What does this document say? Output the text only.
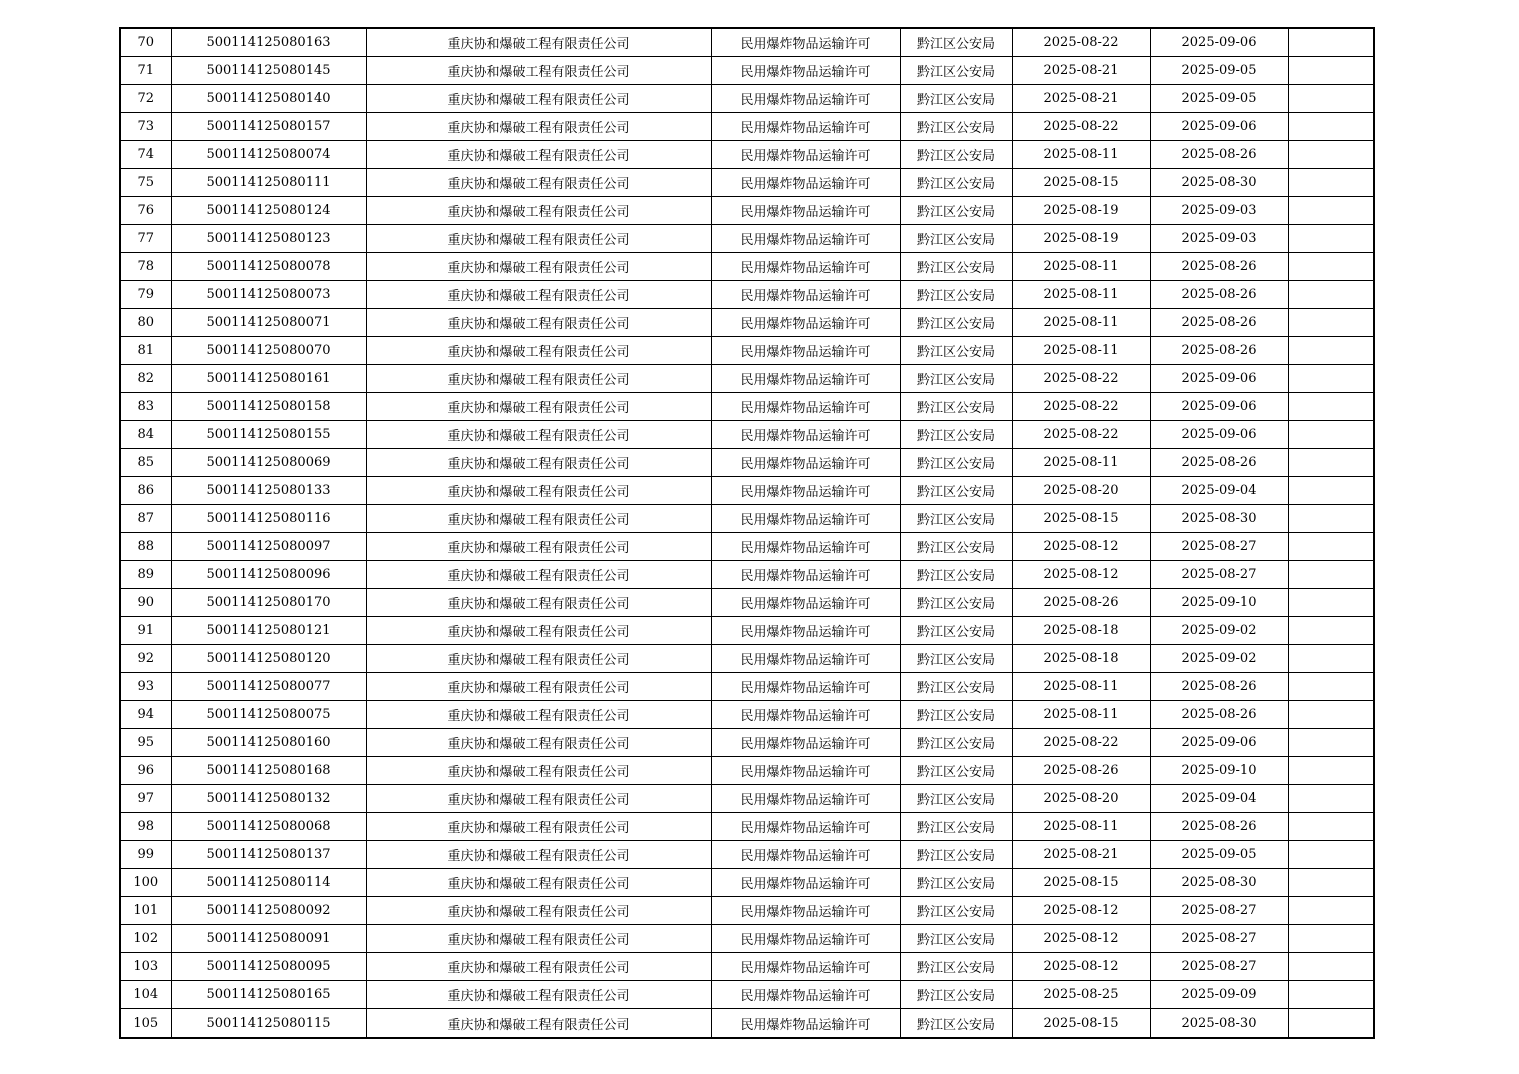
70	500114125080163	重庆协和爆破工程有限责任公司	民用爆炸物品运输许可	黔江区公安局	2025-08-22	2025-09-06	
71	500114125080145	重庆协和爆破工程有限责任公司	民用爆炸物品运输许可	黔江区公安局	2025-08-21	2025-09-05	
72	500114125080140	重庆协和爆破工程有限责任公司	民用爆炸物品运输许可	黔江区公安局	2025-08-21	2025-09-05	
73	500114125080157	重庆协和爆破工程有限责任公司	民用爆炸物品运输许可	黔江区公安局	2025-08-22	2025-09-06	
74	500114125080074	重庆协和爆破工程有限责任公司	民用爆炸物品运输许可	黔江区公安局	2025-08-11	2025-08-26	
75	500114125080111	重庆协和爆破工程有限责任公司	民用爆炸物品运输许可	黔江区公安局	2025-08-15	2025-08-30	
76	500114125080124	重庆协和爆破工程有限责任公司	民用爆炸物品运输许可	黔江区公安局	2025-08-19	2025-09-03	
77	500114125080123	重庆协和爆破工程有限责任公司	民用爆炸物品运输许可	黔江区公安局	2025-08-19	2025-09-03	
78	500114125080078	重庆协和爆破工程有限责任公司	民用爆炸物品运输许可	黔江区公安局	2025-08-11	2025-08-26	
79	500114125080073	重庆协和爆破工程有限责任公司	民用爆炸物品运输许可	黔江区公安局	2025-08-11	2025-08-26	
80	500114125080071	重庆协和爆破工程有限责任公司	民用爆炸物品运输许可	黔江区公安局	2025-08-11	2025-08-26	
81	500114125080070	重庆协和爆破工程有限责任公司	民用爆炸物品运输许可	黔江区公安局	2025-08-11	2025-08-26	
82	500114125080161	重庆协和爆破工程有限责任公司	民用爆炸物品运输许可	黔江区公安局	2025-08-22	2025-09-06	
83	500114125080158	重庆协和爆破工程有限责任公司	民用爆炸物品运输许可	黔江区公安局	2025-08-22	2025-09-06	
84	500114125080155	重庆协和爆破工程有限责任公司	民用爆炸物品运输许可	黔江区公安局	2025-08-22	2025-09-06	
85	500114125080069	重庆协和爆破工程有限责任公司	民用爆炸物品运输许可	黔江区公安局	2025-08-11	2025-08-26	
86	500114125080133	重庆协和爆破工程有限责任公司	民用爆炸物品运输许可	黔江区公安局	2025-08-20	2025-09-04	
87	500114125080116	重庆协和爆破工程有限责任公司	民用爆炸物品运输许可	黔江区公安局	2025-08-15	2025-08-30	
88	500114125080097	重庆协和爆破工程有限责任公司	民用爆炸物品运输许可	黔江区公安局	2025-08-12	2025-08-27	
89	500114125080096	重庆协和爆破工程有限责任公司	民用爆炸物品运输许可	黔江区公安局	2025-08-12	2025-08-27	
90	500114125080170	重庆协和爆破工程有限责任公司	民用爆炸物品运输许可	黔江区公安局	2025-08-26	2025-09-10	
91	500114125080121	重庆协和爆破工程有限责任公司	民用爆炸物品运输许可	黔江区公安局	2025-08-18	2025-09-02	
92	500114125080120	重庆协和爆破工程有限责任公司	民用爆炸物品运输许可	黔江区公安局	2025-08-18	2025-09-02	
93	500114125080077	重庆协和爆破工程有限责任公司	民用爆炸物品运输许可	黔江区公安局	2025-08-11	2025-08-26	
94	500114125080075	重庆协和爆破工程有限责任公司	民用爆炸物品运输许可	黔江区公安局	2025-08-11	2025-08-26	
95	500114125080160	重庆协和爆破工程有限责任公司	民用爆炸物品运输许可	黔江区公安局	2025-08-22	2025-09-06	
96	500114125080168	重庆协和爆破工程有限责任公司	民用爆炸物品运输许可	黔江区公安局	2025-08-26	2025-09-10	
97	500114125080132	重庆协和爆破工程有限责任公司	民用爆炸物品运输许可	黔江区公安局	2025-08-20	2025-09-04	
98	500114125080068	重庆协和爆破工程有限责任公司	民用爆炸物品运输许可	黔江区公安局	2025-08-11	2025-08-26	
99	500114125080137	重庆协和爆破工程有限责任公司	民用爆炸物品运输许可	黔江区公安局	2025-08-21	2025-09-05	
100	500114125080114	重庆协和爆破工程有限责任公司	民用爆炸物品运输许可	黔江区公安局	2025-08-15	2025-08-30	
101	500114125080092	重庆协和爆破工程有限责任公司	民用爆炸物品运输许可	黔江区公安局	2025-08-12	2025-08-27	
102	500114125080091	重庆协和爆破工程有限责任公司	民用爆炸物品运输许可	黔江区公安局	2025-08-12	2025-08-27	
103	500114125080095	重庆协和爆破工程有限责任公司	民用爆炸物品运输许可	黔江区公安局	2025-08-12	2025-08-27	
104	500114125080165	重庆协和爆破工程有限责任公司	民用爆炸物品运输许可	黔江区公安局	2025-08-25	2025-09-09	
105	500114125080115	重庆协和爆破工程有限责任公司	民用爆炸物品运输许可	黔江区公安局	2025-08-15	2025-08-30	
